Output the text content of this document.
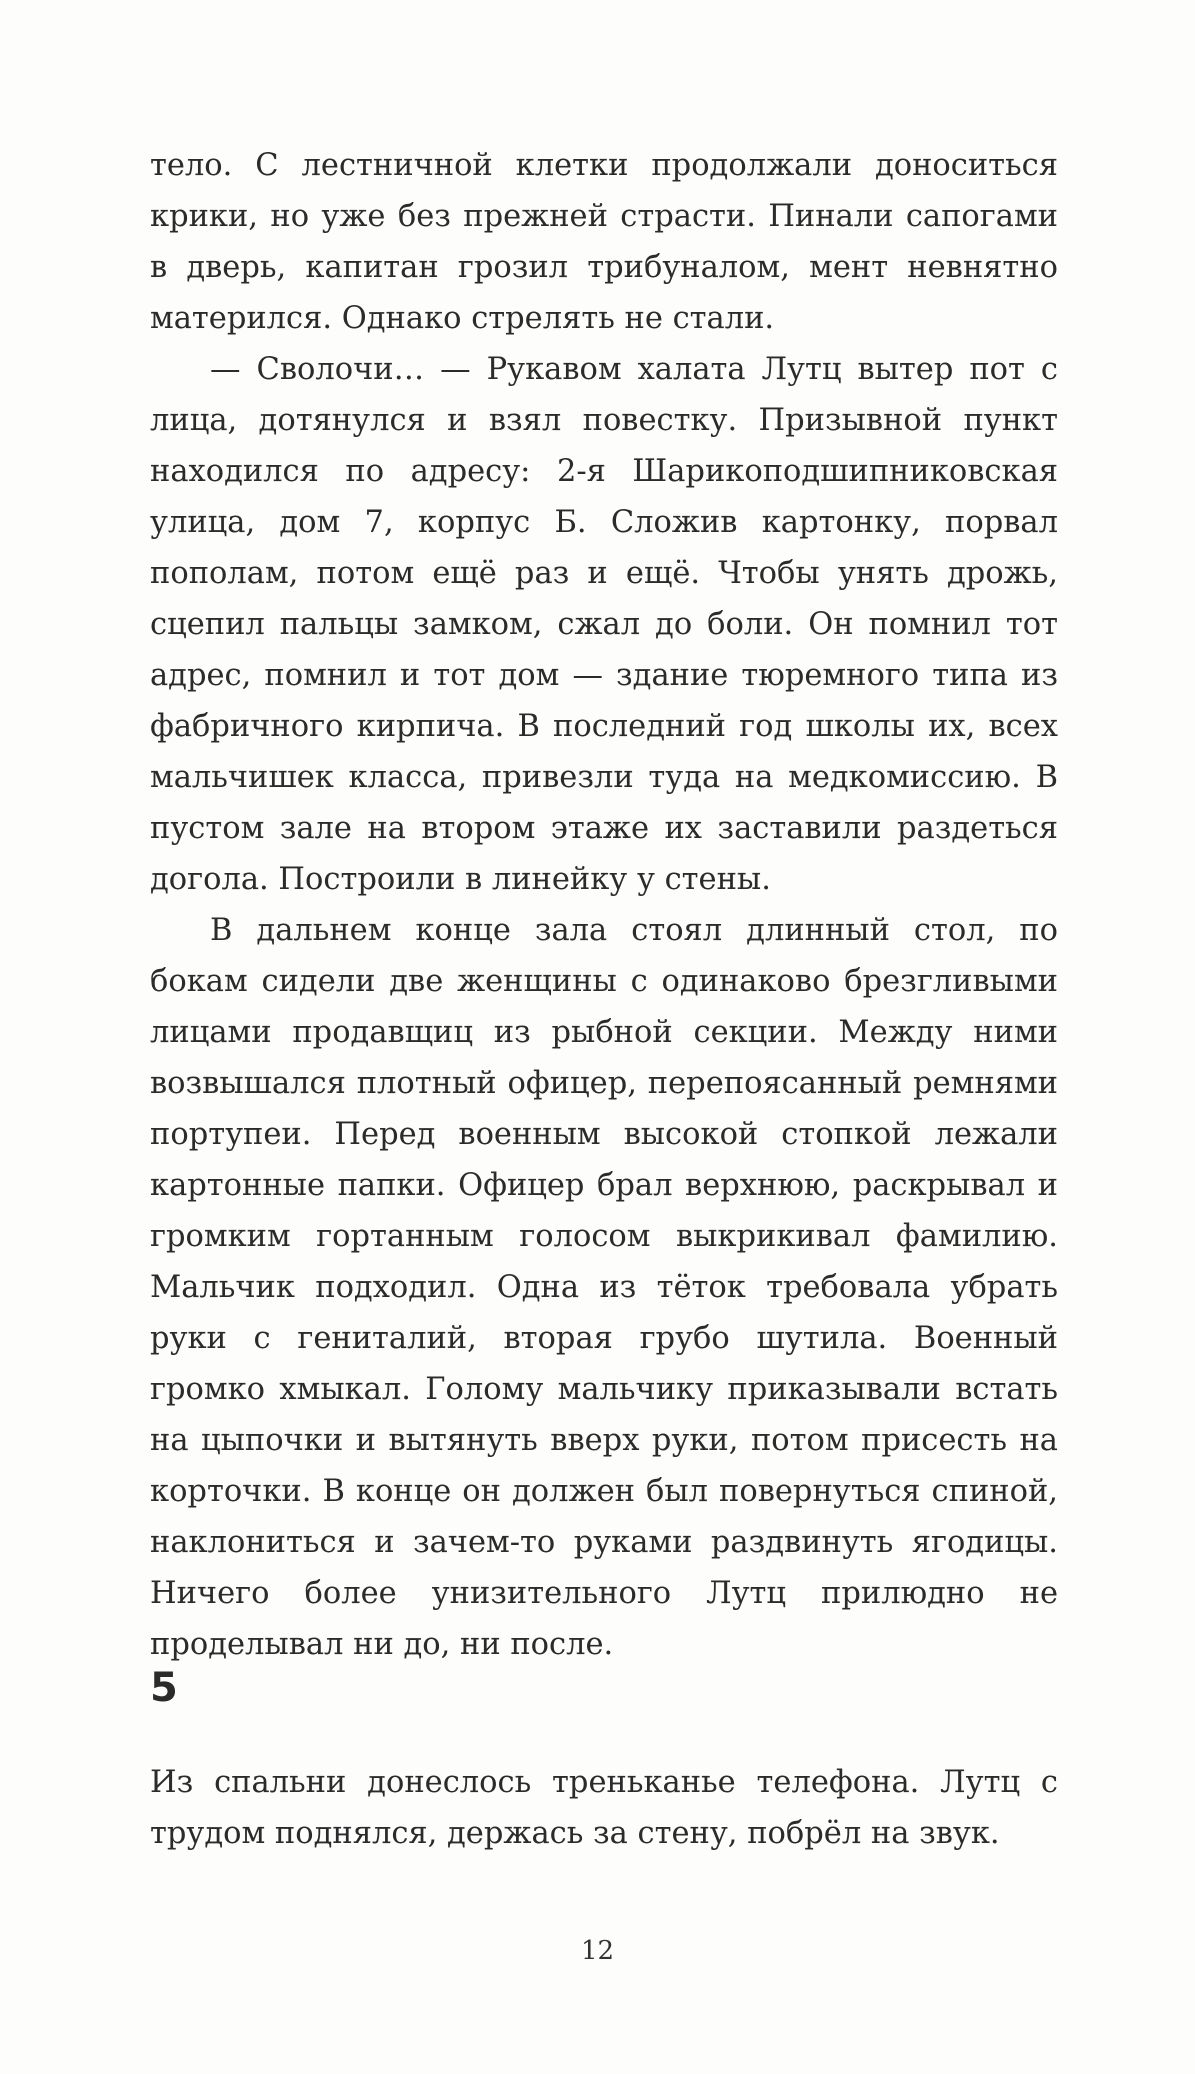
тело. С лестничной клетки продолжали доноситься крики, но уже без прежней страсти. Пинали сапогами в дверь, капитан грозил трибуналом, мент невнятно матерился. Однако стрелять не стали.

— Сволочи… — Рукавом халата Лутц вытер пот с лица, дотянулся и взял повестку. Призывной пункт находился по адресу: 2-я Шарикоподшипниковская улица, дом 7, корпус Б. Сложив картонку, порвал пополам, потом ещё раз и ещё. Чтобы унять дрожь, сцепил пальцы замком, сжал до боли. Он помнил тот адрес, помнил и тот дом — здание тюремного типа из фабричного кирпича. В последний год школы их, всех мальчишек класса, привезли туда на медкомиссию. В пустом зале на втором этаже их заставили раздеться догола. Построили в линейку у стены.

В дальнем конце зала стоял длинный стол, по бокам сидели две женщины с одинаково брезгливыми лицами продавщиц из рыбной секции. Между ними возвышался плотный офицер, перепоясанный ремнями портупеи. Перед военным высокой стопкой лежали картонные папки. Офицер брал верхнюю, раскрывал и громким гортанным голосом выкрикивал фамилию. Мальчик подходил. Одна из тёток требовала убрать руки с гениталий, вторая грубо шутила. Военный громко хмыкал. Голому мальчику приказывали встать на цыпочки и вытянуть вверх руки, потом присесть на корточки. В конце он должен был повернуться спиной, наклониться и зачем-то руками раздвинуть ягодицы. Ничего более унизительного Лутц прилюдно не проделывал ни до, ни после.

5

Из спальни донеслось треньканье телефона. Лутц с трудом поднялся, держась за стену, побрёл на звук.

12
